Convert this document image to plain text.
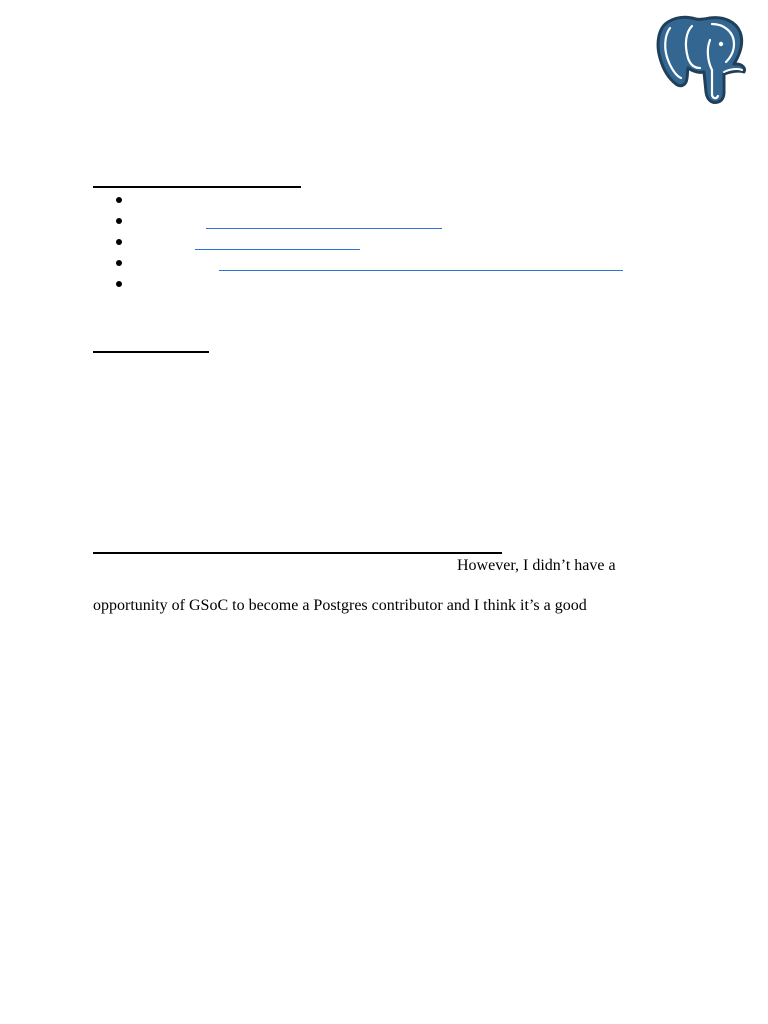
However, I didn’t have a
opportunity of GSoC to become a Postgres contributor and I think it’s a good
